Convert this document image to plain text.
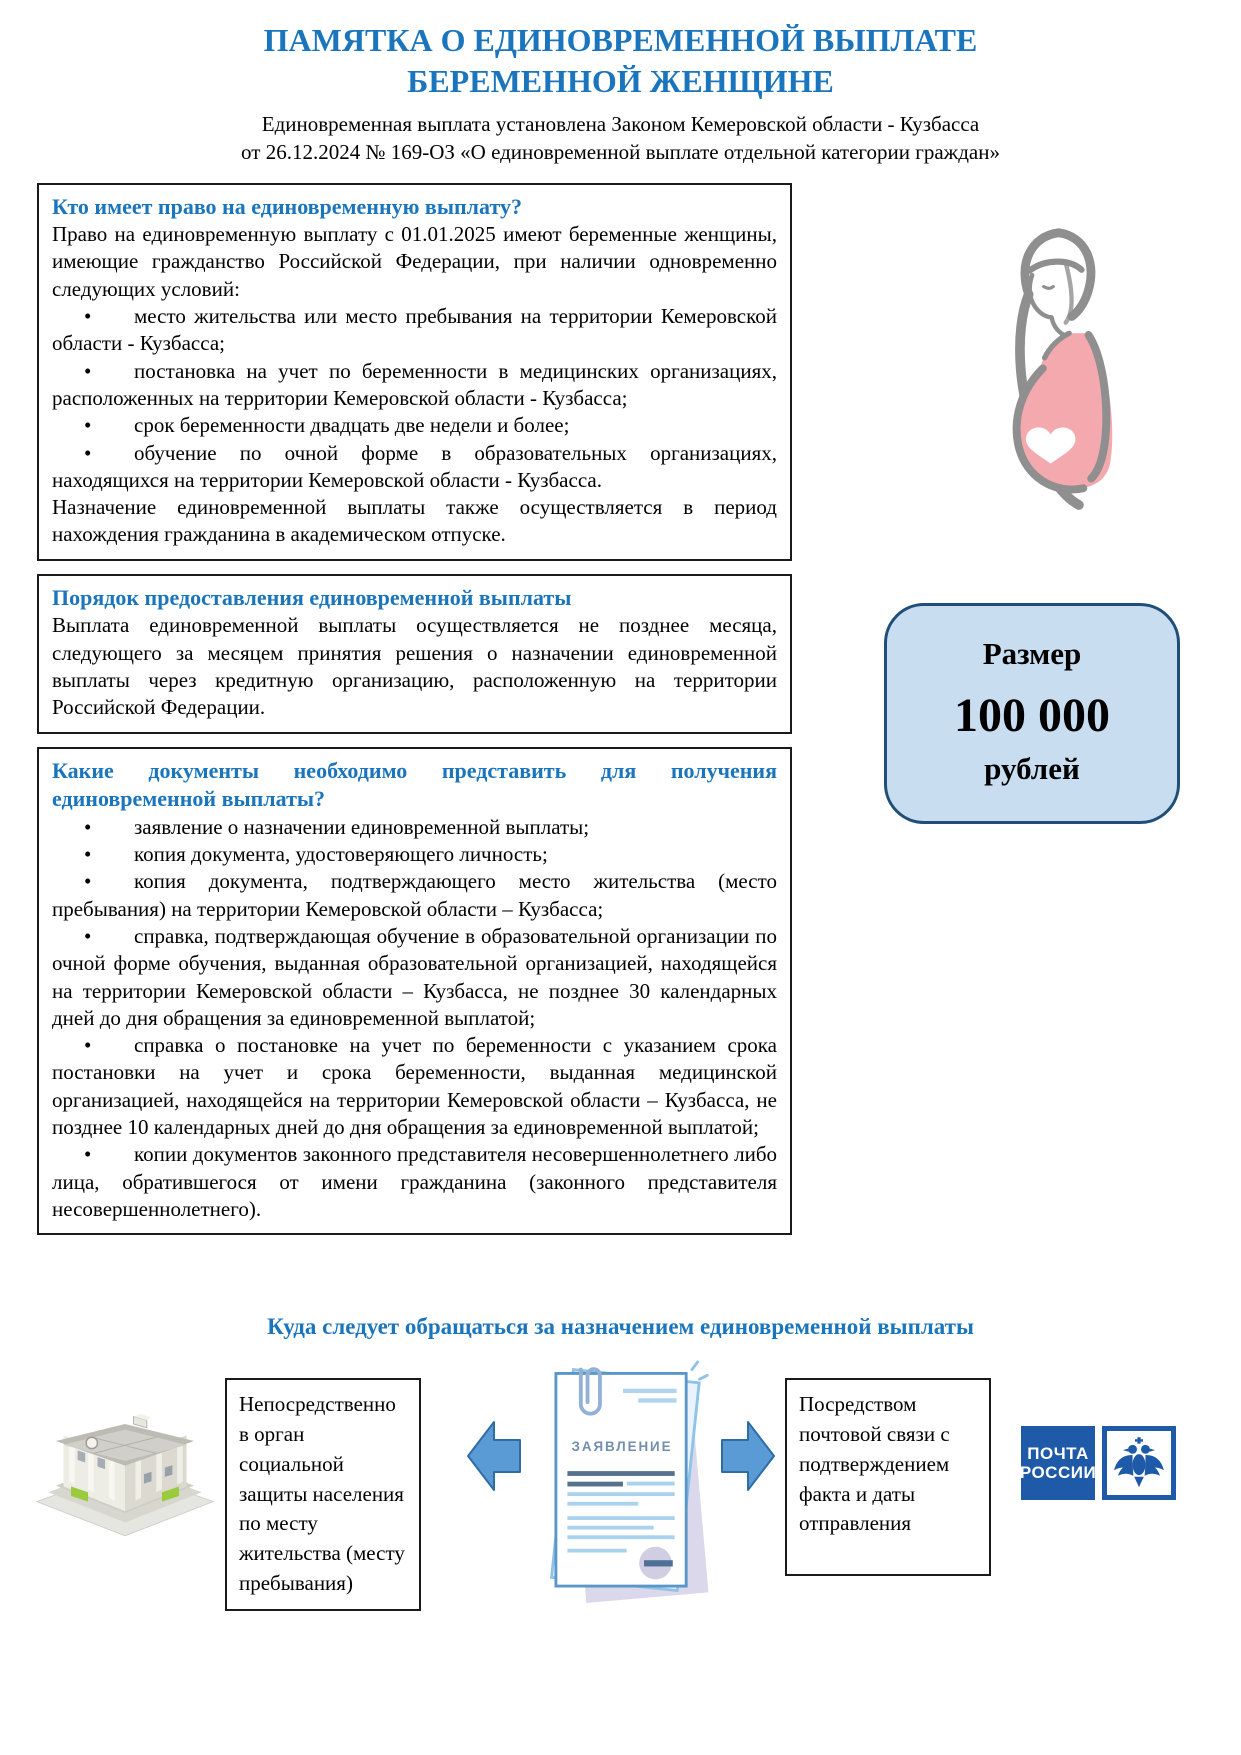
ПАМЯТКА О ЕДИНОВРЕМЕННОЙ ВЫПЛАТЕ
БЕРЕМЕННОЙ ЖЕНЩИНЕ
Единовременная выплата установлена Законом Кемеровской области - Кузбасса
от 26.12.2024 № 169-ОЗ «О единовременной выплате отдельной категории граждан»

Кто имеет право на единовременную выплату?

Право на единовременную выплату с 01.01.2025 имеют беременные женщины, имеющие гражданство Российской Федерации, при наличии одновременно следующих условий:

• место жительства или место пребывания на территории Кемеровской области - Кузбасса;

• постановка на учет по беременности в медицинских организациях, расположенных на территории Кемеровской области - Кузбасса;

• срок беременности двадцать две недели и более;

• обучение по очной форме в образовательных организациях, находящихся на территории Кемеровской области - Кузбасса.

Назначение единовременной выплаты также осуществляется в период нахождения гражданина в академическом отпуске.

Порядок предоставления единовременной выплаты

Выплата единовременной выплаты осуществляется не позднее месяца, следующего за месяцем принятия решения о назначении единовременной выплаты через кредитную организацию, расположенную на территории Российской Федерации.

Какие документы необходимо представить для получения единовременной выплаты?

• заявление о назначении единовременной выплаты;

• копия документа, удостоверяющего личность;

• копия документа, подтверждающего место жительства (место пребывания) на территории Кемеровской области – Кузбасса;

• справка, подтверждающая обучение в образовательной организации по очной форме обучения, выданная образовательной организацией, находящейся на территории Кемеровской области – Кузбасса, не позднее 30 календарных дней до дня обращения за единовременной выплатой;

• справка о постановке на учет по беременности с указанием срока постановки на учет и срока беременности, выданная медицинской организацией, находящейся на территории Кемеровской области – Кузбасса, не позднее 10 календарных дней до дня обращения за единовременной выплатой;

• копии документов законного представителя несовершеннолетнего либо лица, обратившегося от имени гражданина (законного представителя несовершеннолетнего).

Размер
100 000
рублей
Куда следует обращаться за назначением единовременной выплаты
Непосредственно в орган социальной защиты населения по месту жительства (месту пребывания)
ЗАЯВЛЕНИЕ
Посредством почтовой связи с подтверждением факта и даты отправления
ПОЧТА
РОССИИ
